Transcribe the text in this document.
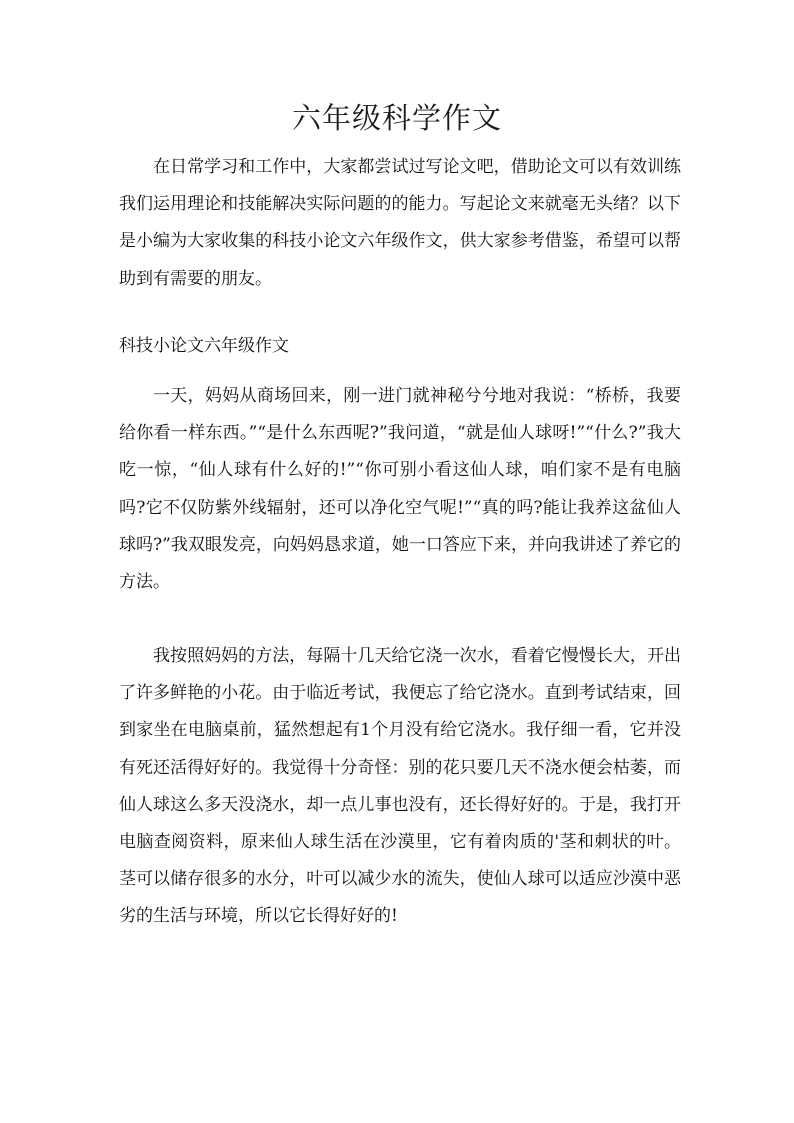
六年级科学作文

在日常学习和工作中，大家都尝试过写论文吧，借助论文可以有效训练我们运用理论和技能解决实际问题的的能力。写起论文来就毫无头绪？以下是小编为大家收集的科技小论文六年级作文，供大家参考借鉴，希望可以帮助到有需要的朋友。

科技小论文六年级作文

一天，妈妈从商场回来，刚一进门就神秘兮兮地对我说：“桥桥，我要给你看一样东西。”“是什么东西呢?”我问道，“就是仙人球呀!”“什么?”我大吃一惊，“仙人球有什么好的!”“你可别小看这仙人球，咱们家不是有电脑吗?它不仅防紫外线辐射，还可以净化空气呢!”“真的吗?能让我养这盆仙人球吗?”我双眼发亮，向妈妈恳求道，她一口答应下来，并向我讲述了养它的方法。

我按照妈妈的方法，每隔十几天给它浇一次水，看着它慢慢长大，开出了许多鲜艳的小花。由于临近考试，我便忘了给它浇水。直到考试结束，回到家坐在电脑桌前，猛然想起有1个月没有给它浇水。我仔细一看，它并没有死还活得好好的。我觉得十分奇怪：别的花只要几天不浇水便会枯萎，而仙人球这么多天没浇水，却一点儿事也没有，还长得好好的。于是，我打开电脑查阅资料，原来仙人球生活在沙漠里，它有着肉质的'茎和刺状的叶。茎可以储存很多的水分，叶可以减少水的流失，使仙人球可以适应沙漠中恶劣的生活与环境，所以它长得好好的!
